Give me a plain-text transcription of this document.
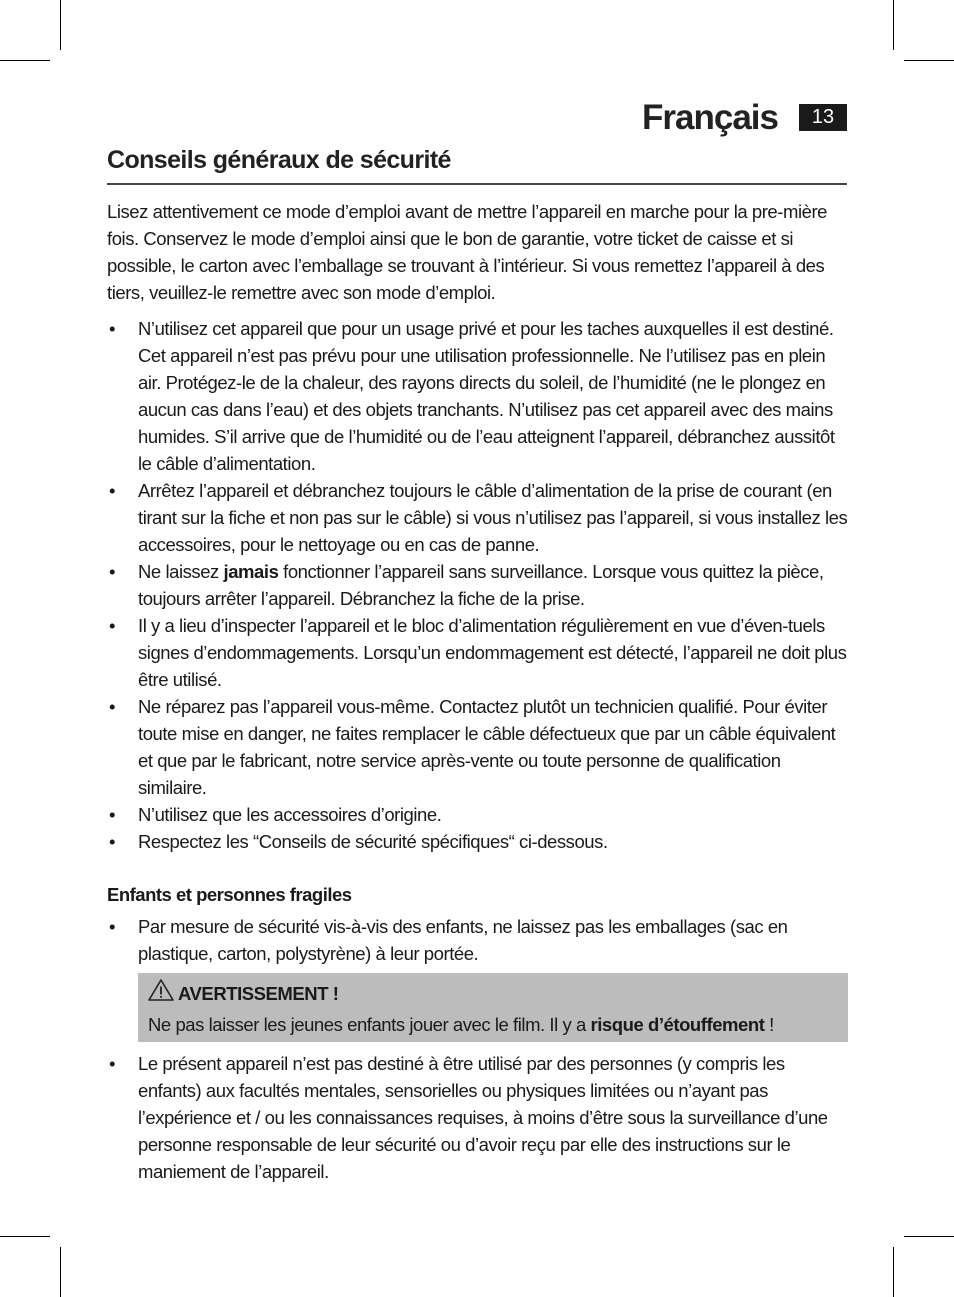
Français	13
Conseils généraux de sécurité

Lisez attentivement ce mode d’emploi avant de mettre l’appareil en marche pour la pre-mière fois. Conservez le mode d’emploi ainsi que le bon de garantie, votre ticket de caisse et si possible, le carton avec l’emballage se trouvant à l’intérieur. Si vous remettez l’appareil à des tiers, veuillez-le remettre avec son mode d’emploi.

• N’utilisez cet appareil que pour un usage privé et pour les taches auxquelles il est destiné. Cet appareil n’est pas prévu pour une utilisation professionnelle. Ne l’utilisez pas en plein air. Protégez-le de la chaleur, des rayons directs du soleil, de l’humidité (ne le plongez en aucun cas dans l’eau) et des objets tranchants. N’utilisez pas cet appareil avec des mains humides. S’il arrive que de l’humidité ou de l’eau atteignent l’appareil, débranchez aussitôt le câble d’alimentation.
• Arrêtez l’appareil et débranchez toujours le câble d’alimentation de la prise de courant (en tirant sur la fiche et non pas sur le câble) si vous n’utilisez pas l’appareil, si vous installez les accessoires, pour le nettoyage ou en cas de panne.
• Ne laissez jamais fonctionner l’appareil sans surveillance. Lorsque vous quittez la pièce, toujours arrêter l’appareil. Débranchez la fiche de la prise.
• Il y a lieu d’inspecter l’appareil et le bloc d’alimentation régulièrement en vue d’éven-tuels signes d’endommagements. Lorsqu’un endommagement est détecté, l’appareil ne doit plus être utilisé.
• Ne réparez pas l’appareil vous-même. Contactez plutôt un technicien qualifié. Pour éviter toute mise en danger, ne faites remplacer le câble défectueux que par un câble équivalent et que par le fabricant, notre service après-vente ou toute personne de qualification similaire.
• N’utilisez que les accessoires d’origine.
• Respectez les “Conseils de sécurité spécifiques“ ci-dessous.
Enfants et personnes fragiles
• Par mesure de sécurité vis-à-vis des enfants, ne laissez pas les emballages (sac en plastique, carton, polystyrène) à leur portée.
AVERTISSEMENT !
Ne pas laisser les jeunes enfants jouer avec le film. Il y a risque d’étouffement !
• Le présent appareil n’est pas destiné à être utilisé par des personnes (y compris les enfants) aux facultés mentales, sensorielles ou physiques limitées ou n’ayant pas l’expérience et / ou les connaissances requises, à moins d’être sous la surveillance d’une personne responsable de leur sécurité ou d’avoir reçu par elle des instructions sur le maniement de l’appareil.
